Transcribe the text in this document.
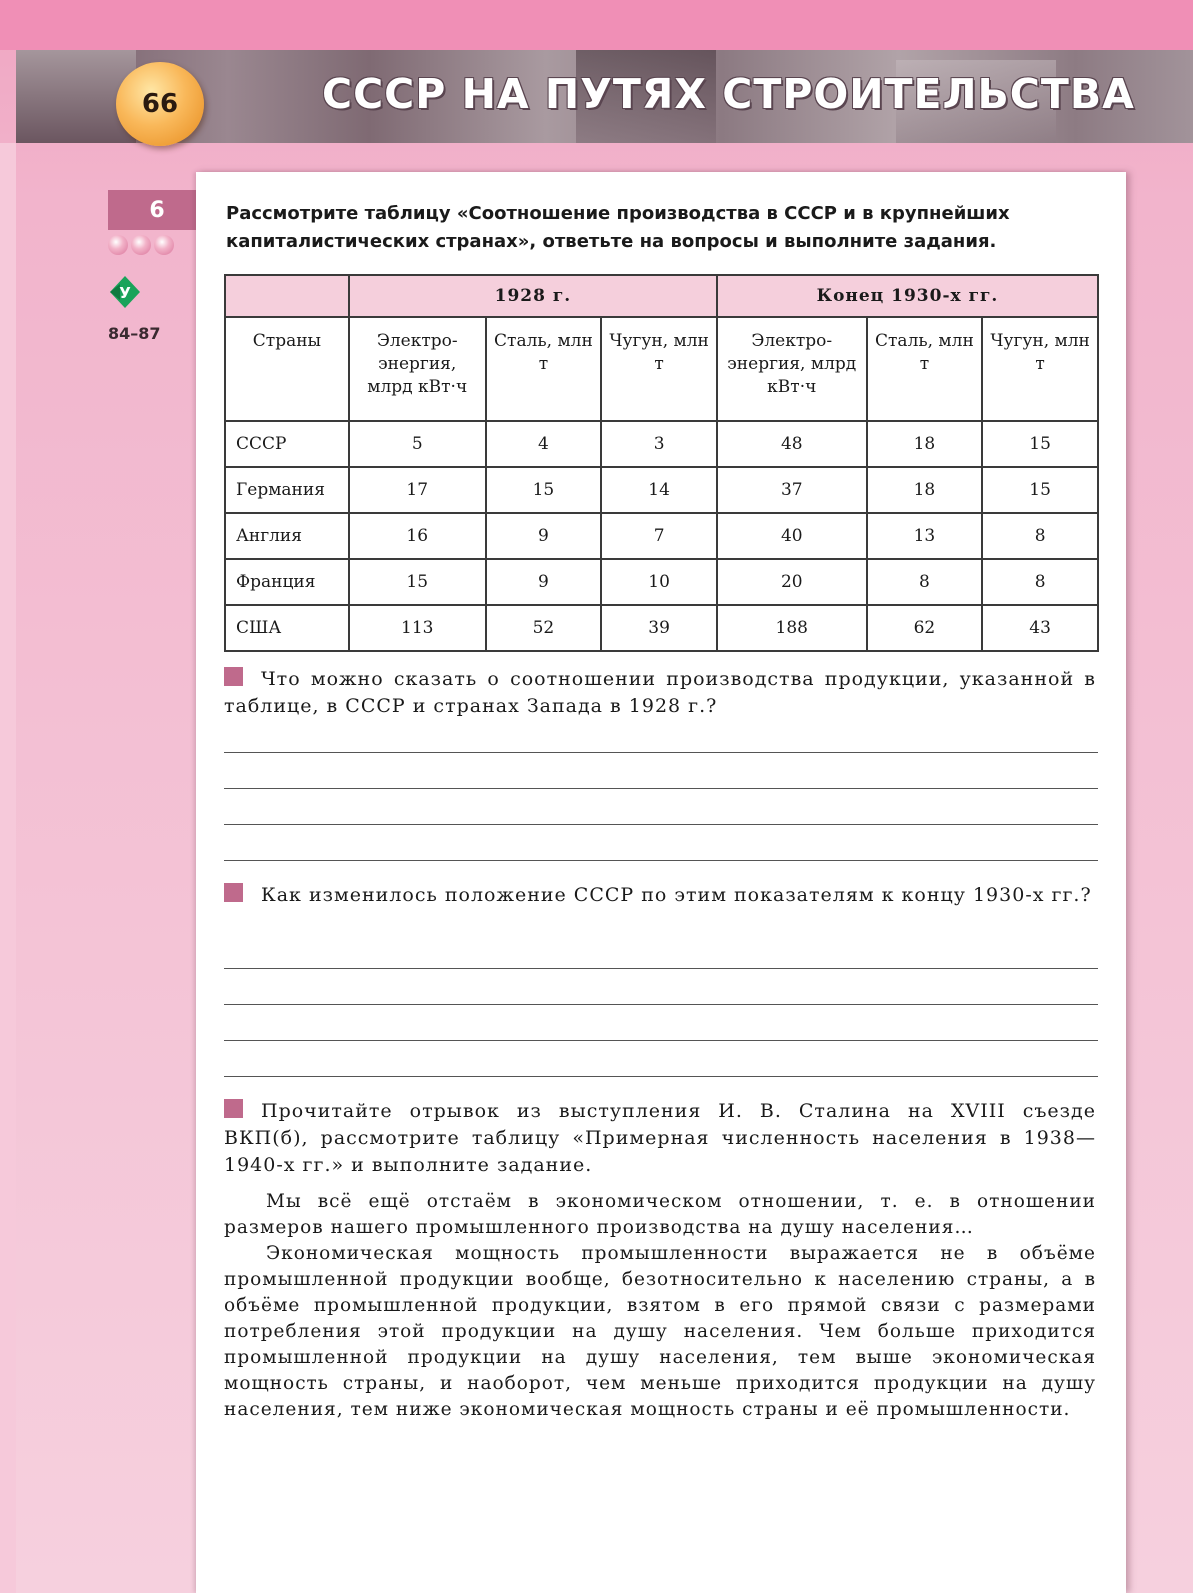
СССР НА ПУТЯХ СТРОИТЕЛЬСТВА
66
6
У
84–87

Рассмотрите таблицу «Соотношение производства в СССР и в крупнейших капиталистических странах», ответьте на вопросы и выполните задания.

	1928 г.			Конец 1930-х гг.		
Страны	Электро-энергия, млрд кВт·ч	Сталь, млн т	Чугун, млн т	Электро-энергия, млрд кВт·ч	Сталь, млн т	Чугун, млн т
СССР	5	4	3	48	18	15
Германия	17	15	14	37	18	15
Англия	16	9	7	40	13	8
Франция	15	9	10	20	8	8
США	113	52	39	188	62	43

Что можно сказать о соотношении производства продукции, указанной в таблице, в СССР и странах Запада в 1928 г.?

Как изменилось положение СССР по этим показателям к концу 1930-х гг.?

Прочитайте отрывок из выступления И. В. Сталина на XVIII съезде ВКП(б), рассмотрите таблицу «Примерная численность населения в 1938—1940-х гг.» и выполните задание.

Мы всё ещё отстаём в экономическом отношении, т. е. в отношении размеров нашего промышленного производства на душу населения…

Экономическая мощность промышленности выражается не в объёме промышленной продукции вообще, безотносительно к населению страны, а в объёме промышленной продукции, взятом в его прямой связи с размерами потребления этой продукции на душу населения. Чем больше приходится промышленной продукции на душу населения, тем выше экономическая мощность страны, и наоборот, чем меньше приходится продукции на душу населения, тем ниже экономическая мощность страны и её промышленности.
